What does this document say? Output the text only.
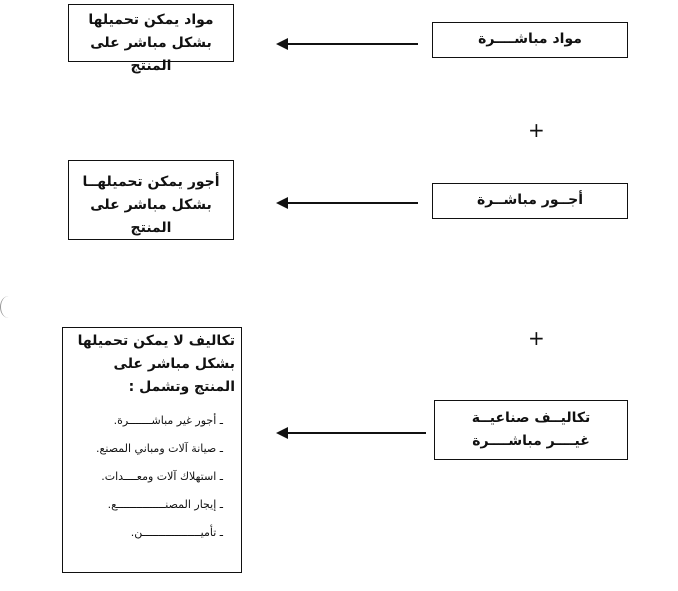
مواد يمكن تحميلها بشكل مباشر على المنتج
مواد مباشــــرة
+
أجور يمكن تحميلهــا بشكل مباشر على المنتج
أجــور مباشــرة
+
تكاليف لا يمكن تحميلها بشكل مباشر على المنتج وتشمل :
ـ أجور غير مباشـــــــرة.
ـ صيانة آلات ومباني المصنع.
ـ استهلاك آلات ومعــــدات.
ـ إيجار المصنـــــــــــــــع.
ـ تأميــــــــــــــــــن.
تكاليــف صناعيــة
غيــــر مباشــــرة
